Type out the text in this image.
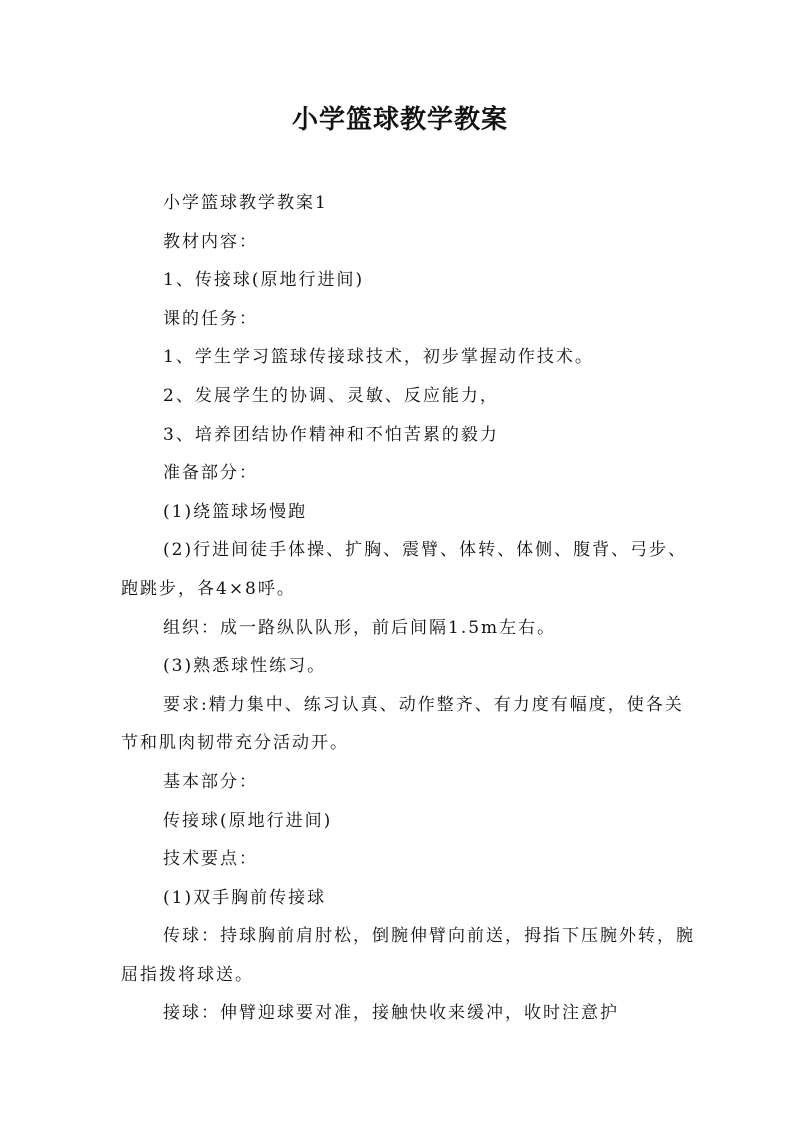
小学篮球教学教案

小学篮球教学教案1

教材内容：

1、传接球(原地行进间)

课的任务：

1、学生学习篮球传接球技术，初步掌握动作技术。

2、发展学生的协调、灵敏、反应能力，

3、培养团结协作精神和不怕苦累的毅力

准备部分：

(1)绕篮球场慢跑

(2)行进间徒手体操、扩胸、震臂、体转、体侧、腹背、弓步、跑跳步，各4×8呼。

组织：成一路纵队队形，前后间隔1.5m左右。

(3)熟悉球性练习。

要求:精力集中、练习认真、动作整齐、有力度有幅度，使各关节和肌肉韧带充分活动开。

基本部分：

传接球(原地行进间)

技术要点：

(1)双手胸前传接球

传球：持球胸前肩肘松，倒腕伸臂向前送，拇指下压腕外转，腕屈指拨将球送。

接球：伸臂迎球要对准，接触快收来缓冲，收时注意护
